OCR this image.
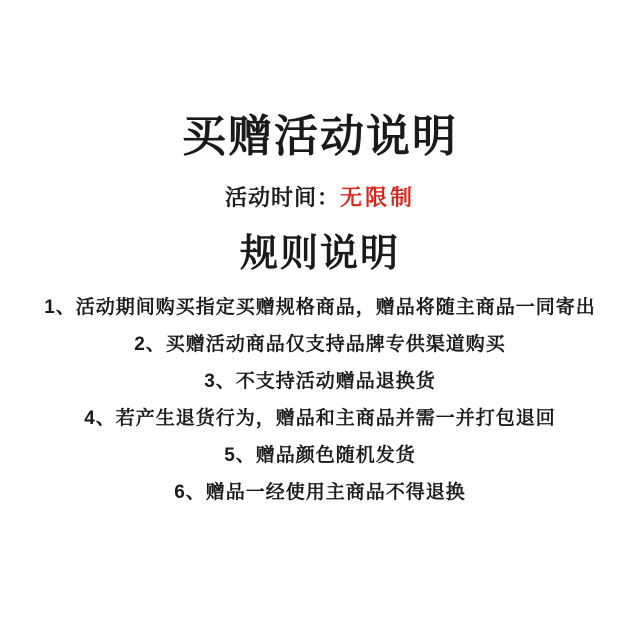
买赠活动说明

活动时间：无限制

规则说明
1、活动期间购买指定买赠规格商品，赠品将随主商品一同寄出
2、买赠活动商品仅支持品牌专供渠道购买
3、不支持活动赠品退换货
4、若产生退货行为，赠品和主商品并需一并打包退回
5、赠品颜色随机发货
6、赠品一经使用主商品不得退换
